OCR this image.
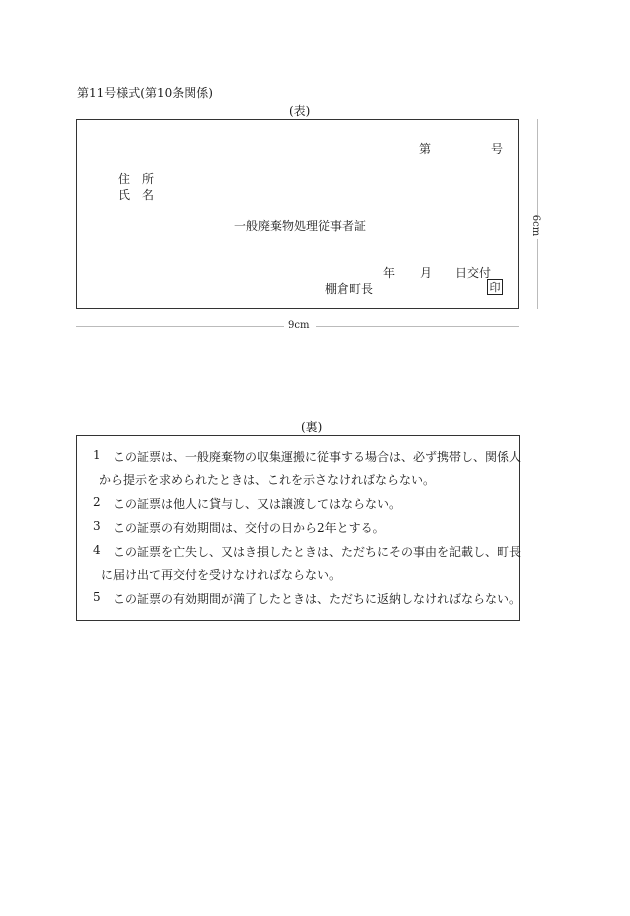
第11号様式(第10条関係)
(表)
第	号
住　所
氏　名
一般廃棄物処理従事者証
年 月 日交付
棚倉町長	印
6cm
9cm
(裏)
1 この証票は、一般廃棄物の収集運搬に従事する場合は、必ず携帯し、関係人
から提示を求められたときは、これを示さなければならない。
2 この証票は他人に貸与し、又は譲渡してはならない。
3 この証票の有効期間は、交付の日から2年とする。
4 この証票を亡失し、又はき損したときは、ただちにその事由を記載し、町長
に届け出て再交付を受けなければならない。
5 この証票の有効期間が満了したときは、ただちに返納しなければならない。
